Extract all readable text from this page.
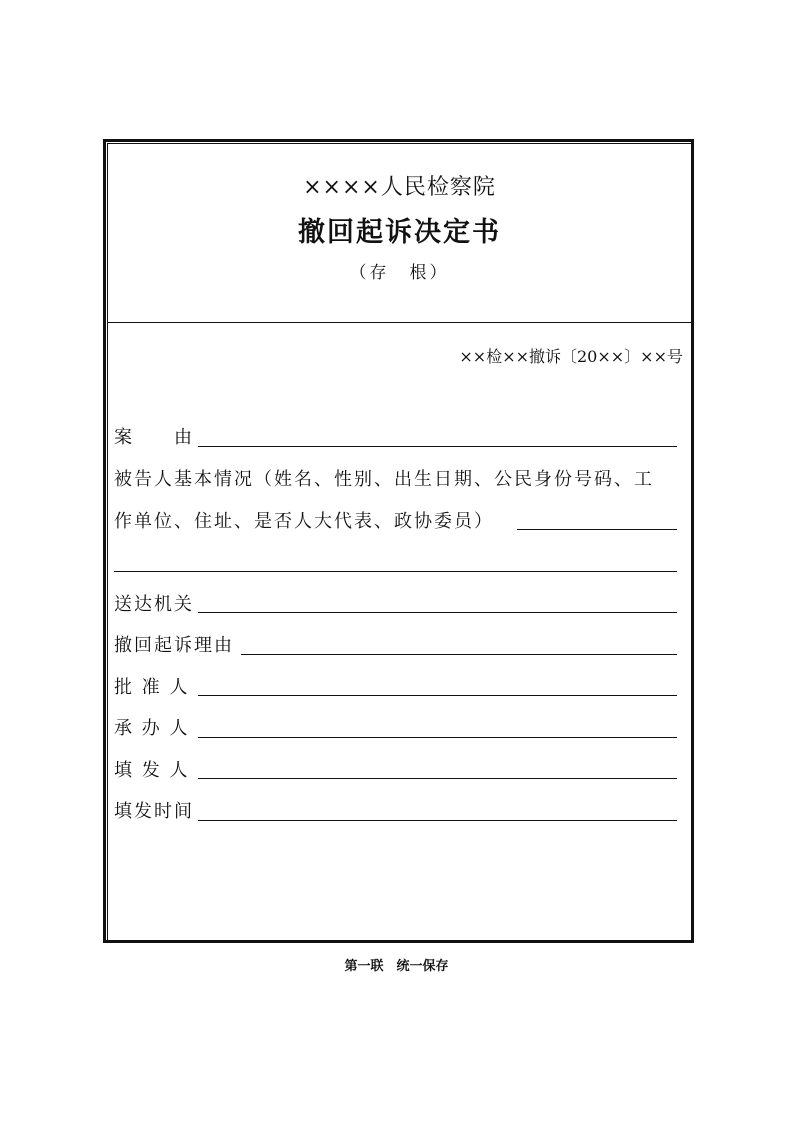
××××人民检察院
撤回起诉决定书
（存　根）
××检××撤诉〔20××〕××号
案　　由
被告人基本情况（姓名、性别、出生日期、公民身份号码、工
作单位、住址、是否人大代表、政协委员）
送达机关
撤回起诉理由
批 准 人
承 办 人
填 发 人
填发时间
第一联　统一保存
